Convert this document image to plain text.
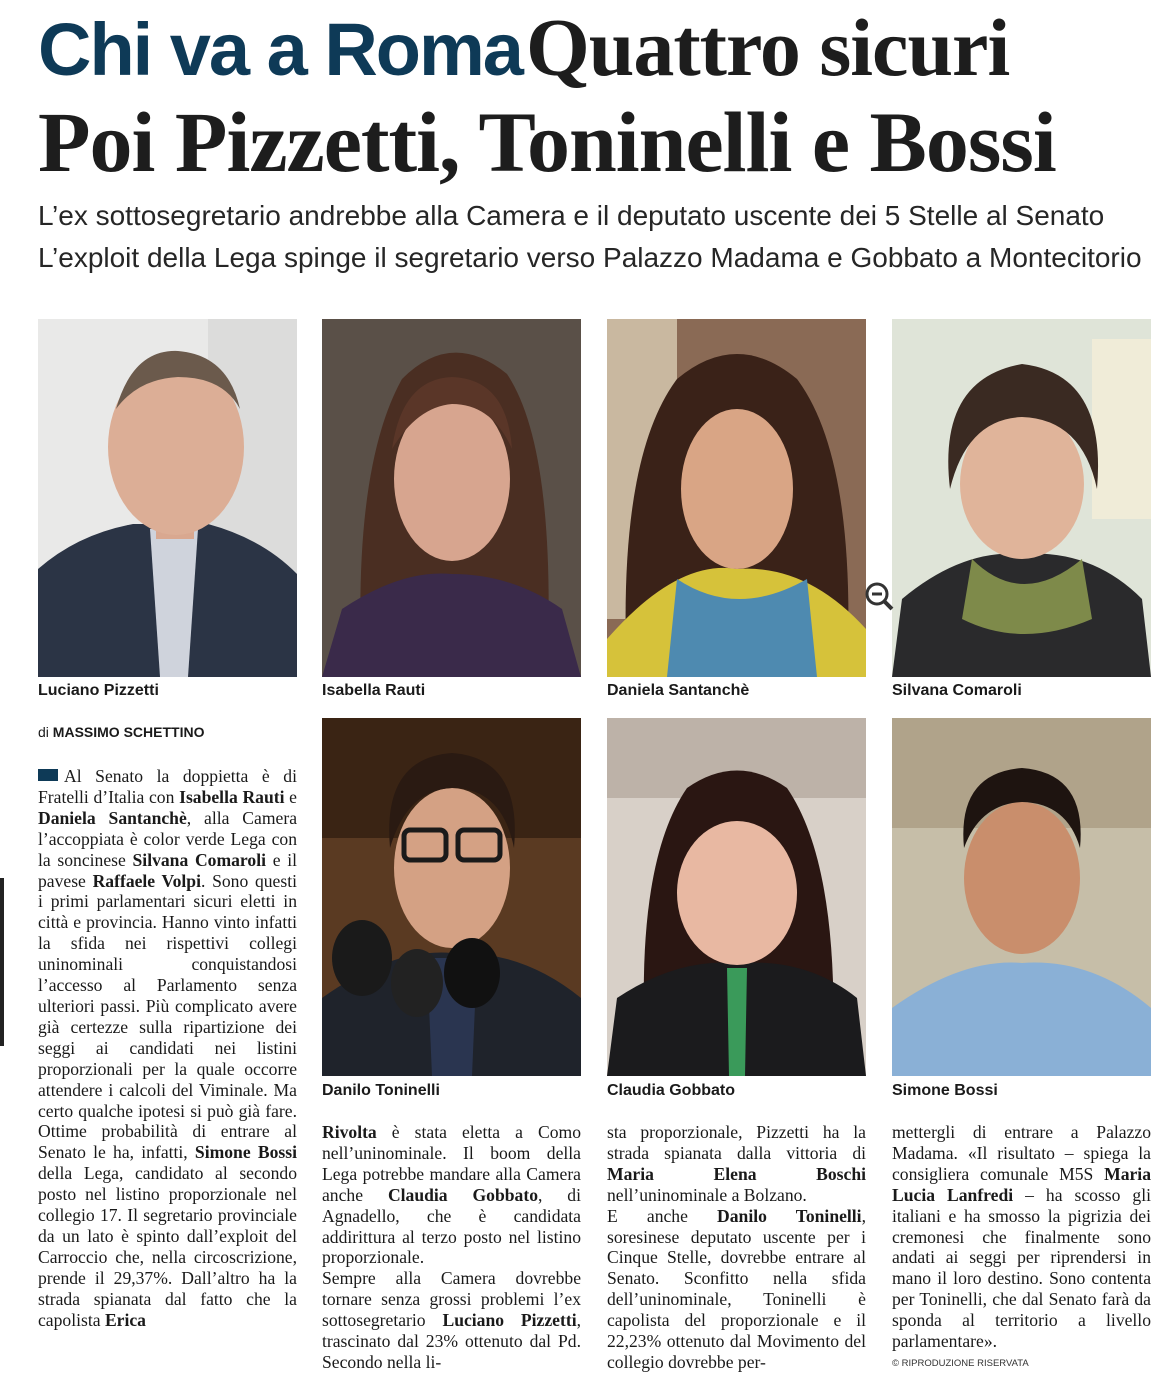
Chi va a Roma Quattro sicuri
Poi Pizzetti, Toninelli e Bossi
L’ex sottosegretario andrebbe alla Camera e il deputato uscente dei 5 Stelle al Senato
L’exploit della Lega spinge il segretario verso Palazzo Madama e Gobbato a Montecitorio
Luciano Pizzetti	Isabella Rauti	Daniela Santanchè	Silvana Comaroli
di MASSIMO SCHETTINO
Danilo Toninelli	Claudia Gobbato	Simone Bossi

Al Senato la doppietta è di Fratelli d’Italia con Isabella Rauti e Daniela Santanchè, alla Camera l’accoppiata è color verde Lega con la soncinese Silvana Comaroli e il pavese Raffaele Volpi. Sono questi i primi parlamentari sicuri eletti in città e provincia. Hanno vinto infatti la sfida nei rispettivi collegi uninominali conquistandosi l’accesso al Parlamento senza ulteriori passi. Più complicato avere già certezze sulla ripartizione dei seggi ai candidati nei listini proporzionali per la quale occorre attendere i calcoli del Viminale. Ma certo qualche ipotesi si può già fare. Ottime probabilità di entrare al Senato le ha, infatti, Simone Bossi della Lega, candidato al secondo posto nel listino proporzionale nel collegio 17. Il segretario provinciale da un lato è spinto dall’exploit del Carroccio che, nella circoscrizione, prende il 29,37%. Dall’altro ha la strada spianata dal fatto che la capolista Erica

Rivolta è stata eletta a Como nell’uninominale. Il boom della Lega potrebbe mandare alla Camera anche Claudia Gobbato, di Agnadello, che è candidata addirittura al terzo posto nel listino proporzionale.
Sempre alla Camera dovrebbe tornare senza grossi problemi l’ex sottosegretario Luciano Pizzetti, trascinato dal 23% ottenuto dal Pd. Secondo nella li-

sta proporzionale, Pizzetti ha la strada spianata dalla vittoria di Maria Elena Boschi nell’uninominale a Bolzano.
E anche Danilo Toninelli, soresinese deputato uscente per i Cinque Stelle, dovrebbe entrare al Senato. Sconfitto nella sfida dell’uninominale, Toninelli è capolista del proporzionale e il 22,23% ottenuto dal Movimento del collegio dovrebbe per-

mettergli di entrare a Palazzo Madama. «Il risultato – spiega la consigliera comunale M5S Maria Lucia Lanfredi – ha scosso gli italiani e ha smosso la pigrizia dei cremonesi che finalmente sono andati ai seggi per riprendersi in mano il loro destino. Sono contenta per Toninelli, che dal Senato farà da sponda al territorio a livello parlamentare».

© RIPRODUZIONE RISERVATA
